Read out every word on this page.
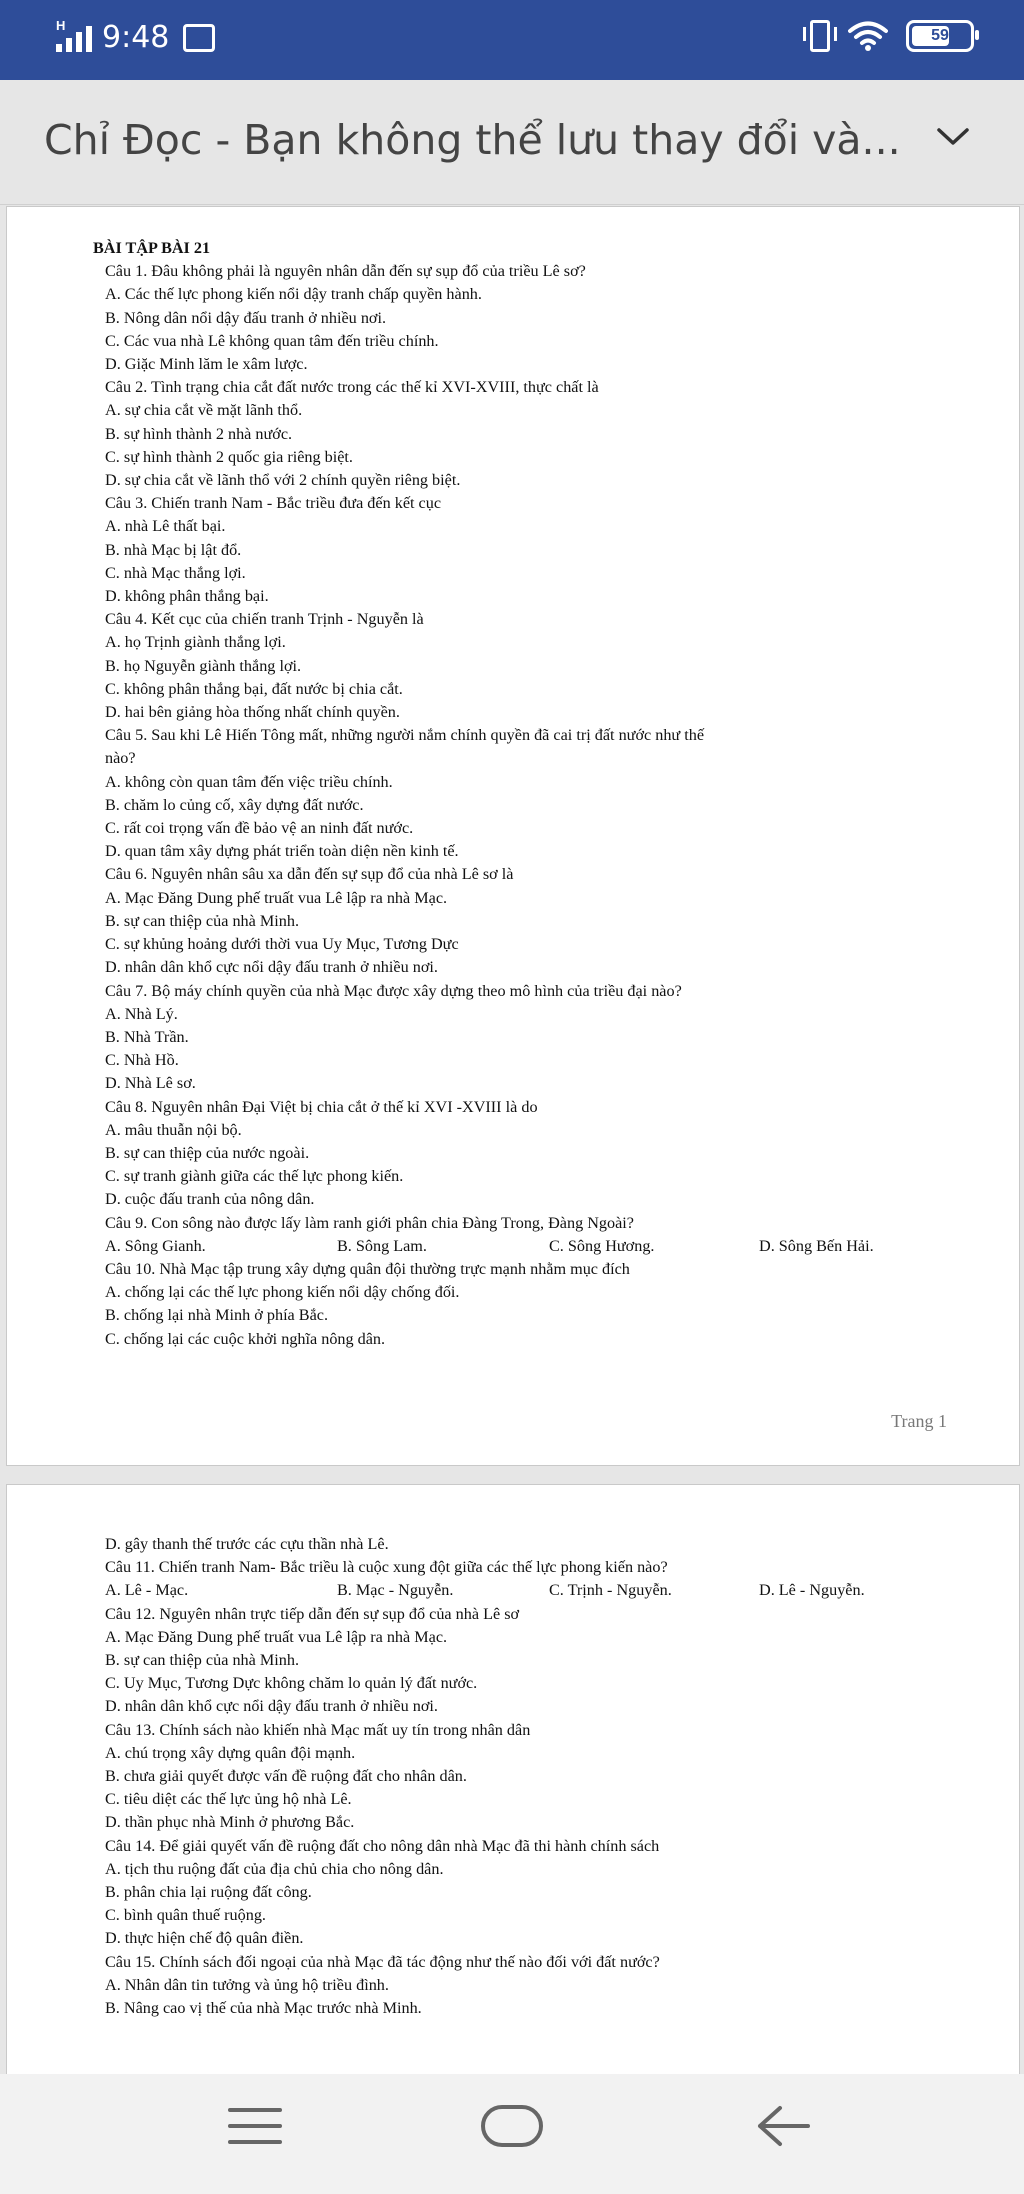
H 9:48	59
Chỉ Đọc - Bạn không thể lưu thay đổi và...
BÀI TẬP BÀI 21
Câu 1. Đâu không phải là nguyên nhân dẫn đến sự sụp đổ của triều Lê sơ?
A. Các thế lực phong kiến nổi dậy tranh chấp quyền hành.
B. Nông dân nổi dậy đấu tranh ở nhiều nơi.
C. Các vua nhà Lê không quan tâm đến triều chính.
D. Giặc Minh lăm le xâm lược.
Câu 2. Tình trạng chia cắt đất nước trong các thế kỉ XVI-XVIII, thực chất là
A. sự chia cắt về mặt lãnh thổ.
B. sự hình thành 2 nhà nước.
C. sự hình thành 2 quốc gia riêng biệt.
D. sự chia cắt về lãnh thổ với 2 chính quyền riêng biệt.
Câu 3. Chiến tranh Nam - Bắc triều đưa đến kết cục
A. nhà Lê thất bại.
B. nhà Mạc bị lật đổ.
C. nhà Mạc thắng lợi.
D. không phân thắng bại.
Câu 4. Kết cục của chiến tranh Trịnh - Nguyễn là
A. họ Trịnh giành thắng lợi.
B. họ Nguyễn giành thắng lợi.
C. không phân thắng bại, đất nước bị chia cắt.
D. hai bên giảng hòa thống nhất chính quyền.
Câu 5. Sau khi Lê Hiến Tông mất, những người nắm chính quyền đã cai trị đất nước như thế
nào?
A. không còn quan tâm đến việc triều chính.
B. chăm lo củng cố, xây dựng đất nước.
C. rất coi trọng vấn đề bảo vệ an ninh đất nước.
D. quan tâm xây dựng phát triển toàn diện nền kinh tế.
Câu 6. Nguyên nhân sâu xa dẫn đến sự sụp đổ của nhà Lê sơ là
A. Mạc Đăng Dung phế truất vua Lê lập ra nhà Mạc.
B. sự can thiệp của nhà Minh.
C. sự khủng hoảng dưới thời vua Uy Mục, Tương Dực
D. nhân dân khổ cực nổi dậy đấu tranh ở nhiều nơi.
Câu 7. Bộ máy chính quyền của nhà Mạc được xây dựng theo mô hình của triều đại nào?
A. Nhà Lý.
B. Nhà Trần.
C. Nhà Hồ.
D. Nhà Lê sơ.
Câu 8. Nguyên nhân Đại Việt bị chia cắt ở thế kỉ XVI -XVIII là do
A. mâu thuẫn nội bộ.
B. sự can thiệp của nước ngoài.
C. sự tranh giành giữa các thế lực phong kiến.
D. cuộc đấu tranh của nông dân.
Câu 9. Con sông nào được lấy làm ranh giới phân chia Đàng Trong, Đàng Ngoài?
A. Sông Gianh.	B. Sông Lam.	C. Sông Hương.	D. Sông Bến Hải.
Câu 10. Nhà Mạc tập trung xây dựng quân đội thường trực mạnh nhằm mục đích
A. chống lại các thế lực phong kiến nổi dậy chống đối.
B. chống lại nhà Minh ở phía Bắc.
C. chống lại các cuộc khởi nghĩa nông dân.
Trang 1
D. gây thanh thế trước các cựu thần nhà Lê.
Câu 11. Chiến tranh Nam- Bắc triều là cuộc xung đột giữa các thế lực phong kiến nào?
A. Lê - Mạc.	B. Mạc - Nguyễn.	C. Trịnh - Nguyễn.	D. Lê - Nguyễn.
Câu 12. Nguyên nhân trực tiếp dẫn đến sự sụp đổ của nhà Lê sơ
A. Mạc Đăng Dung phế truất vua Lê lập ra nhà Mạc.
B. sự can thiệp của nhà Minh.
C. Uy Mục, Tương Dực không chăm lo quản lý đất nước.
D. nhân dân khổ cực nổi dậy đấu tranh ở nhiều nơi.
Câu 13. Chính sách nào khiến nhà Mạc mất uy tín trong nhân dân
A. chú trọng xây dựng quân đội mạnh.
B. chưa giải quyết được vấn đề ruộng đất cho nhân dân.
C. tiêu diệt các thế lực ủng hộ nhà Lê.
D. thần phục nhà Minh ở phương Bắc.
Câu 14. Để giải quyết vấn đề ruộng đất cho nông dân nhà Mạc đã thi hành chính sách
A. tịch thu ruộng đất của địa chủ chia cho nông dân.
B. phân chia lại ruộng đất công.
C. bình quân thuế ruộng.
D. thực hiện chế độ quân điền.
Câu 15. Chính sách đối ngoại của nhà Mạc đã tác động như thế nào đối với đất nước?
A. Nhân dân tin tưởng và ủng hộ triều đình.
B. Nâng cao vị thế của nhà Mạc trước nhà Minh.
